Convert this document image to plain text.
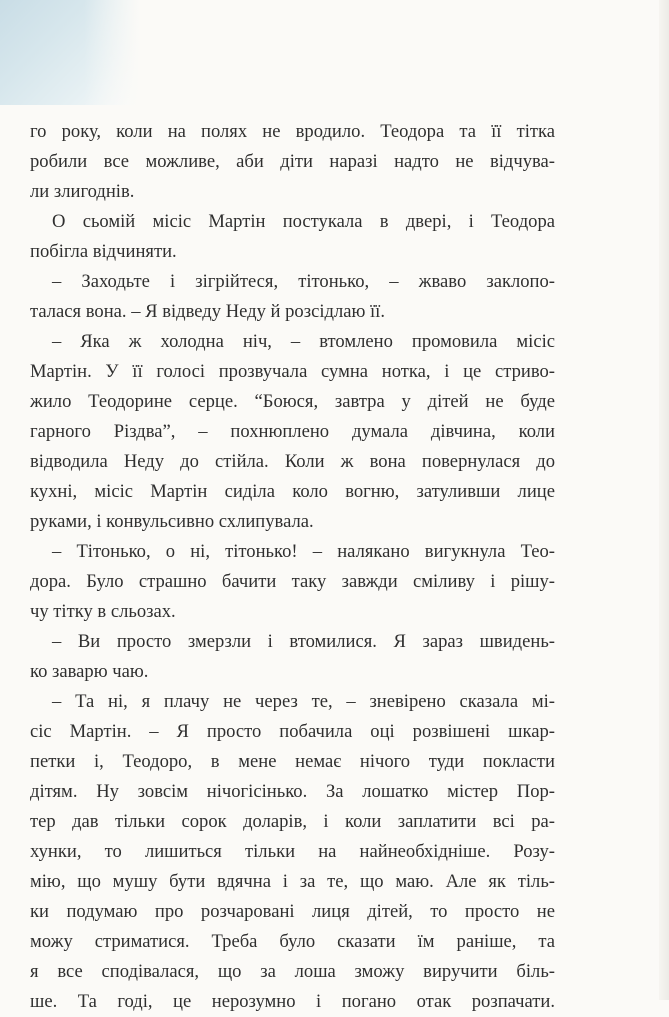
го року, коли на полях не вродило. Теодора та її тітка
робили все можливе, аби діти наразі надто не відчува-
ли злигоднів.
О сьомій місіс Мартін постукала в двері, і Теодора
побігла відчиняти.
– Заходьте і зігрійтеся, тітонько, – жваво заклопо-
талася вона. – Я відведу Неду й розсідлаю її.
– Яка ж холодна ніч, – втомлено промовила місіс
Мартін. У її голосі прозвучала сумна нотка, і це стриво-
жило Теодорине серце. “Боюся, завтра у дітей не буде
гарного Різдва”, – похнюплено думала дівчина, коли
відводила Неду до стійла. Коли ж вона повернулася до
кухні, місіс Мартін сиділа коло вогню, затуливши лице
руками, і конвульсивно схлипувала.
– Тітонько, о ні, тітонько! – налякано вигукнула Тео-
дора. Було страшно бачити таку завжди сміливу і рішу-
чу тітку в сльозах.
– Ви просто змерзли і втомилися. Я зараз швидень-
ко заварю чаю.
– Та ні, я плачу не через те, – зневірено сказала мі-
сіс Мартін. – Я просто побачила оці розвішені шкар-
петки і, Теодоро, в мене немає нічого туди покласти
дітям. Ну зовсім нічогісінько. За лошатко містер Пор-
тер дав тільки сорок доларів, і коли заплатити всі ра-
хунки, то лишиться тільки на найнеобхідніше. Розу-
мію, що мушу бути вдячна і за те, що маю. Але як тіль-
ки подумаю про розчаровані лиця дітей, то просто не
можу стриматися. Треба було сказати їм раніше, та
я все сподівалася, що за лоша зможу виручити біль-
ше. Та годі, це нерозумно і погано отак розпачати.
